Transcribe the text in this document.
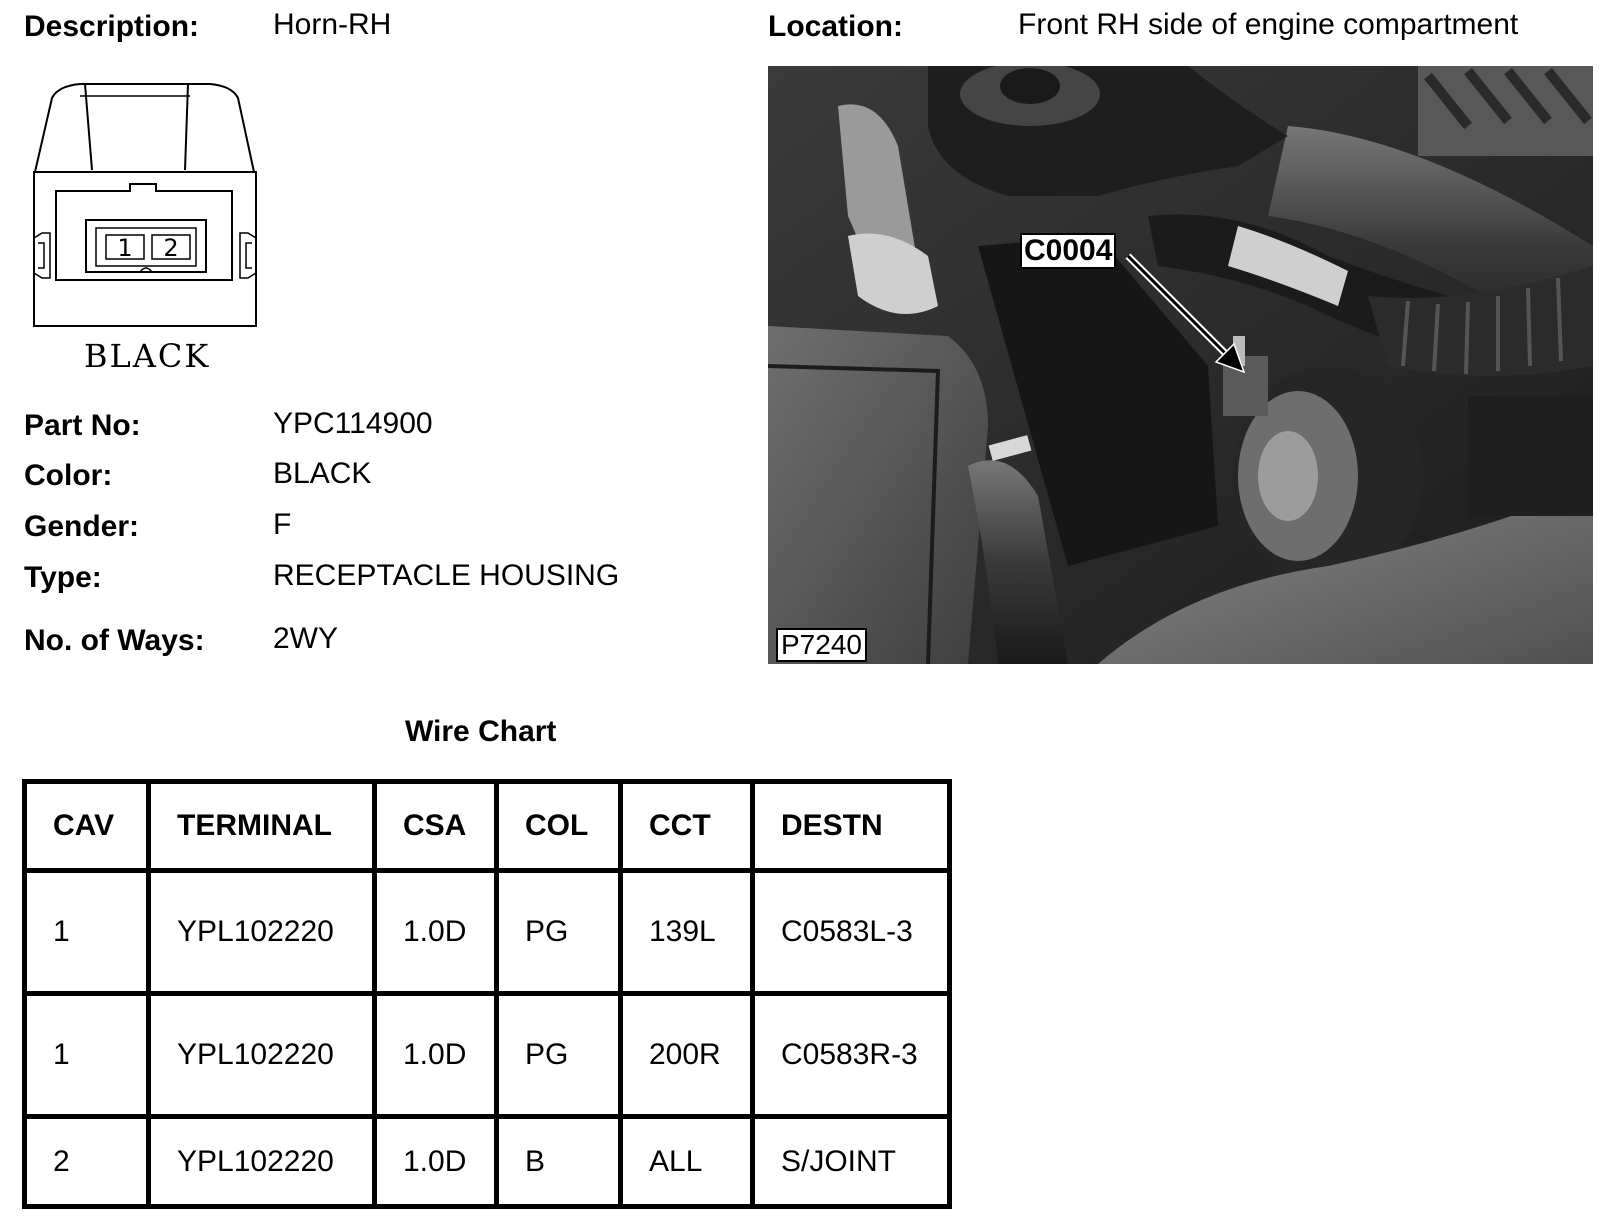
Description: Horn-RH	Location:	Front RH side of engine compartment
1 2
BLACK
Part No:	YPC114900
Color:	BLACK
Gender:	F
Type:	RECEPTACLE HOUSING
No. of Ways: 2WY
C0004
P7240
Wire Chart
CAV	TERMINAL	CSA	COL	CCT	DESTN
1	YPL102220	1.0D	PG	139L	C0583L-3

1	YPL102220	1.0D	PG	200R	C0583R-3

2	YPL102220	1.0D	B	ALL	S/JOINT
